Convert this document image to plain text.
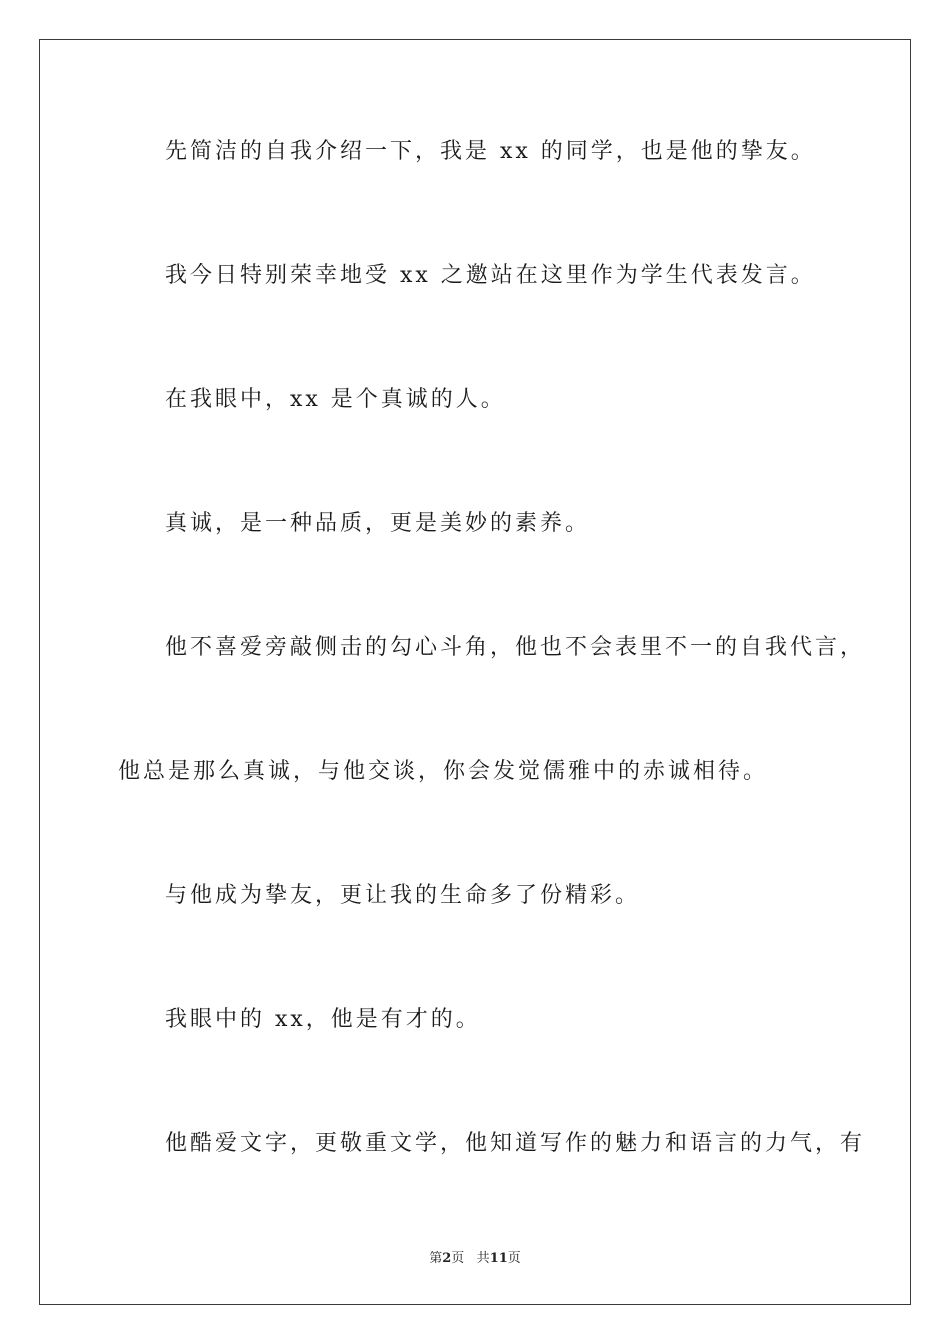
先简洁的自我介绍一下，我是 xx 的同学，也是他的挚友。
我今日特别荣幸地受 xx 之邀站在这里作为学生代表发言。
在我眼中，xx 是个真诚的人。
真诚，是一种品质，更是美妙的素养。
他不喜爱旁敲侧击的勾心斗角，他也不会表里不一的自我代言，
他总是那么真诚，与他交谈，你会发觉儒雅中的赤诚相待。
与他成为挚友，更让我的生命多了份精彩。
我眼中的 xx，他是有才的。
他酷爱文字，更敬重文学，他知道写作的魅力和语言的力气，有
第2页 共11页
